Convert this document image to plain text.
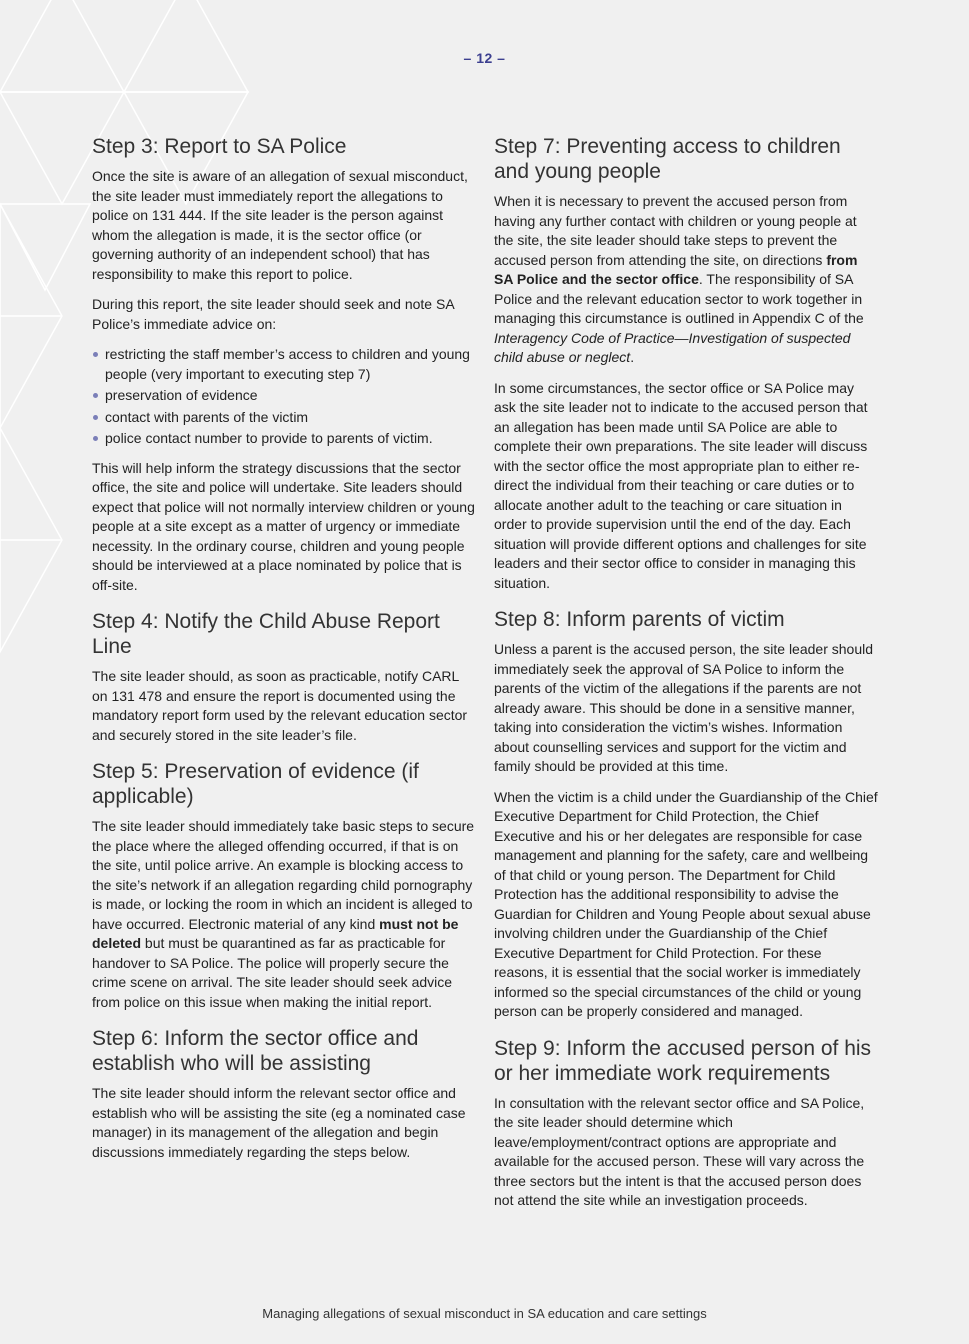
– 12 –
Step 3: Report to SA Police

Once the site is aware of an allegation of sexual misconduct, the site leader must immediately report the allegations to police on 131 444. If the site leader is the person against whom the allegation is made, it is the sector office (or governing authority of an independent school) that has responsibility to make this report to police.

During this report, the site leader should seek and note SA Police’s immediate advice on:

restricting the staff member’s access to children and young people (very important to executing step 7)
preservation of evidence
contact with parents of the victim
police contact number to provide to parents of victim.

This will help inform the strategy discussions that the sector office, the site and police will undertake. Site leaders should expect that police will not normally interview children or young people at a site except as a matter of urgency or immediate necessity. In the ordinary course, children and young people should be interviewed at a place nominated by police that is off-site.

Step 4: Notify the Child Abuse Report Line

The site leader should, as soon as practicable, notify CARL on 131 478 and ensure the report is documented using the mandatory report form used by the relevant education sector and securely stored in the site leader’s file.

Step 5: Preservation of evidence (if applicable)

The site leader should immediately take basic steps to secure the place where the alleged offending occurred, if that is on the site, until police arrive. An example is blocking access to the site’s network if an allegation regarding child pornography is made, or locking the room in which an incident is alleged to have occurred. Electronic material of any kind must not be deleted but must be quarantined as far as practicable for handover to SA Police. The police will properly secure the crime scene on arrival. The site leader should seek advice from police on this issue when making the initial report.

Step 6: Inform the sector office and establish who will be assisting

The site leader should inform the relevant sector office and establish who will be assisting the site (eg a nominated case manager) in its management of the allegation and begin discussions immediately regarding the steps below.

Step 7: Preventing access to children and young people

When it is necessary to prevent the accused person from having any further contact with children or young people at the site, the site leader should take steps to prevent the accused person from attending the site, on directions from SA Police and the sector office. The responsibility of SA Police and the relevant education sector to work together in managing this circumstance is outlined in Appendix C of the Interagency Code of Practice—Investigation of suspected child abuse or neglect.

In some circumstances, the sector office or SA Police may ask the site leader not to indicate to the accused person that an allegation has been made until SA Police are able to complete their own preparations. The site leader will discuss with the sector office the most appropriate plan to either re-direct the individual from their teaching or care duties or to allocate another adult to the teaching or care situation in order to provide supervision until the end of the day. Each situation will provide different options and challenges for site leaders and their sector office to consider in managing this situation.

Step 8: Inform parents of victim

Unless a parent is the accused person, the site leader should immediately seek the approval of SA Police to inform the parents of the victim of the allegations if the parents are not already aware. This should be done in a sensitive manner, taking into consideration the victim’s wishes. Information about counselling services and support for the victim and family should be provided at this time.

When the victim is a child under the Guardianship of the Chief Executive Department for Child Protection, the Chief Executive and his or her delegates are responsible for case management and planning for the safety, care and wellbeing of that child or young person. The Department for Child Protection has the additional responsibility to advise the Guardian for Children and Young People about sexual abuse involving children under the Guardianship of the Chief Executive Department for Child Protection. For these reasons, it is essential that the social worker is immediately informed so the special circumstances of the child or young person can be properly considered and managed.

Step 9: Inform the accused person of his or her immediate work requirements

In consultation with the relevant sector office and SA Police, the site leader should determine which leave/employment/contract options are appropriate and available for the accused person. These will vary across the three sectors but the intent is that the accused person does not attend the site while an investigation proceeds.

Managing allegations of sexual misconduct in SA education and care settings
